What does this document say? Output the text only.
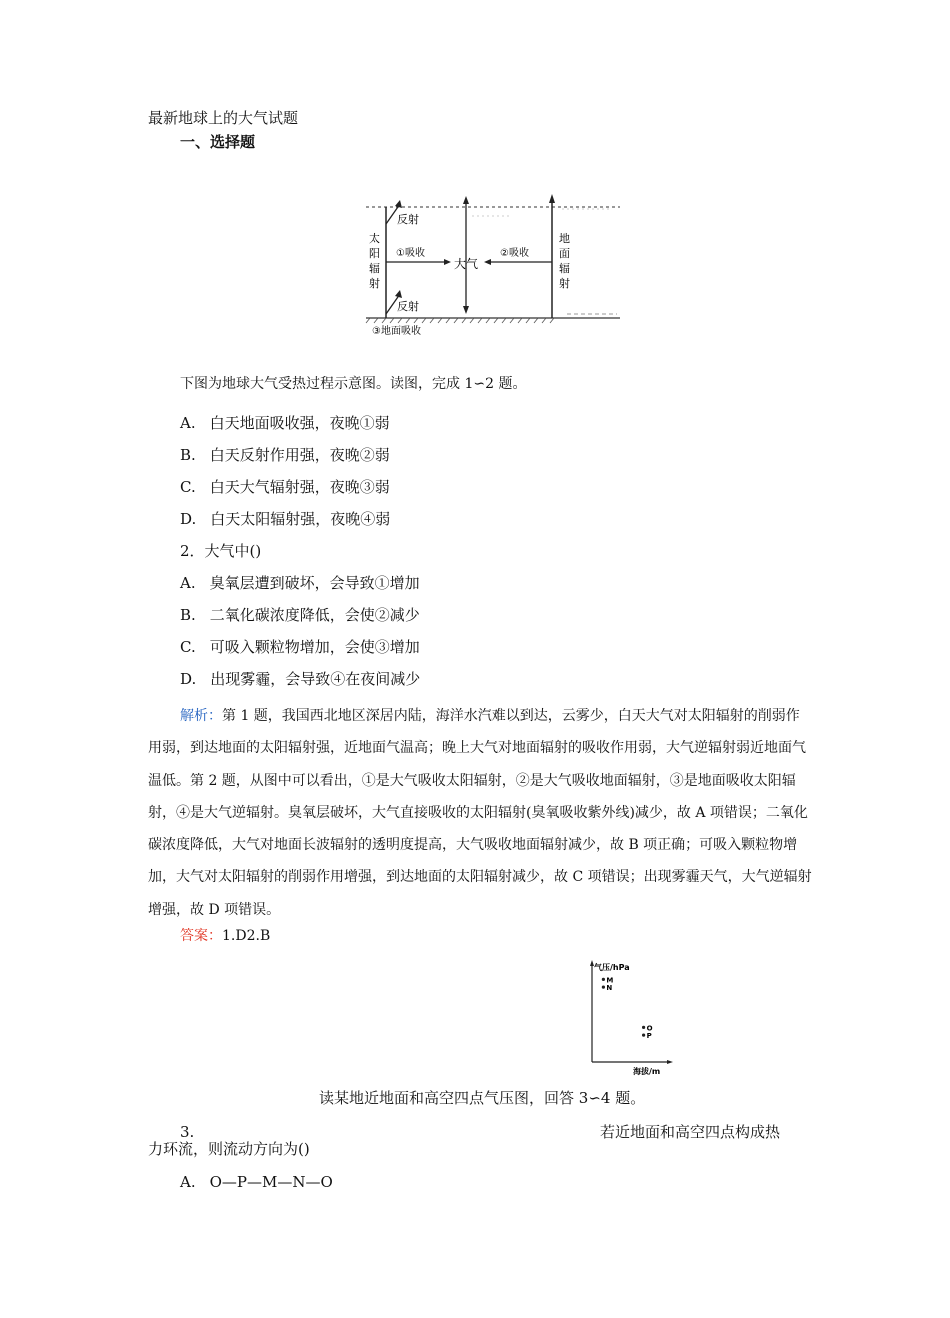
最新地球上的大气试题
一、选择题
反射
反射
①吸收	②吸收
大气
太
阳
辐
射
地
面
辐
射
③地面吸收
下图为地球大气受热过程示意图。读图，完成 1∽2 题。
A. 白天地面吸收强，夜晚①弱
B. 白天反射作用强，夜晚②弱
C. 白天大气辐射强，夜晚③弱
D. 白天太阳辐射强，夜晚④弱
2．大气中()
A. 臭氧层遭到破坏，会导致①增加
B. 二氧化碳浓度降低，会使②减少
C. 可吸入颗粒物增加，会使③增加
D. 出现雾霾，会导致④在夜间减少
解析：第 1 题，我国西北地区深居内陆，海洋水汽难以到达，云雾少，白天大气对太阳辐射的削弱作用弱，到达地面的太阳辐射强，近地面气温高；晚上大气对地面辐射的吸收作用弱，大气逆辐射弱近地面气温低。第 2 题，从图中可以看出，①是大气吸收太阳辐射，②是大气吸收地面辐射，③是地面吸收太阳辐射，④是大气逆辐射。臭氧层破坏，大气直接吸收的太阳辐射(臭氧吸收紫外线)减少，故 A 项错误；二氧化碳浓度降低，大气对地面长波辐射的透明度提高，大气吸收地面辐射减少，故 B 项正确；可吸入颗粒物增加，大气对太阳辐射的削弱作用增强，到达地面的太阳辐射减少，故 C 项错误；出现雾霾天气，大气逆辐射增强，故 D 项错误。
答案：1.D2.B
气压/hPa
海拔/m
M
N
O
P
读某地近地面和高空四点气压图，回答 3∽4 题。
3.	若近地面和高空四点构成热
力环流，则流动方向为()
A. O—P—M—N—O
